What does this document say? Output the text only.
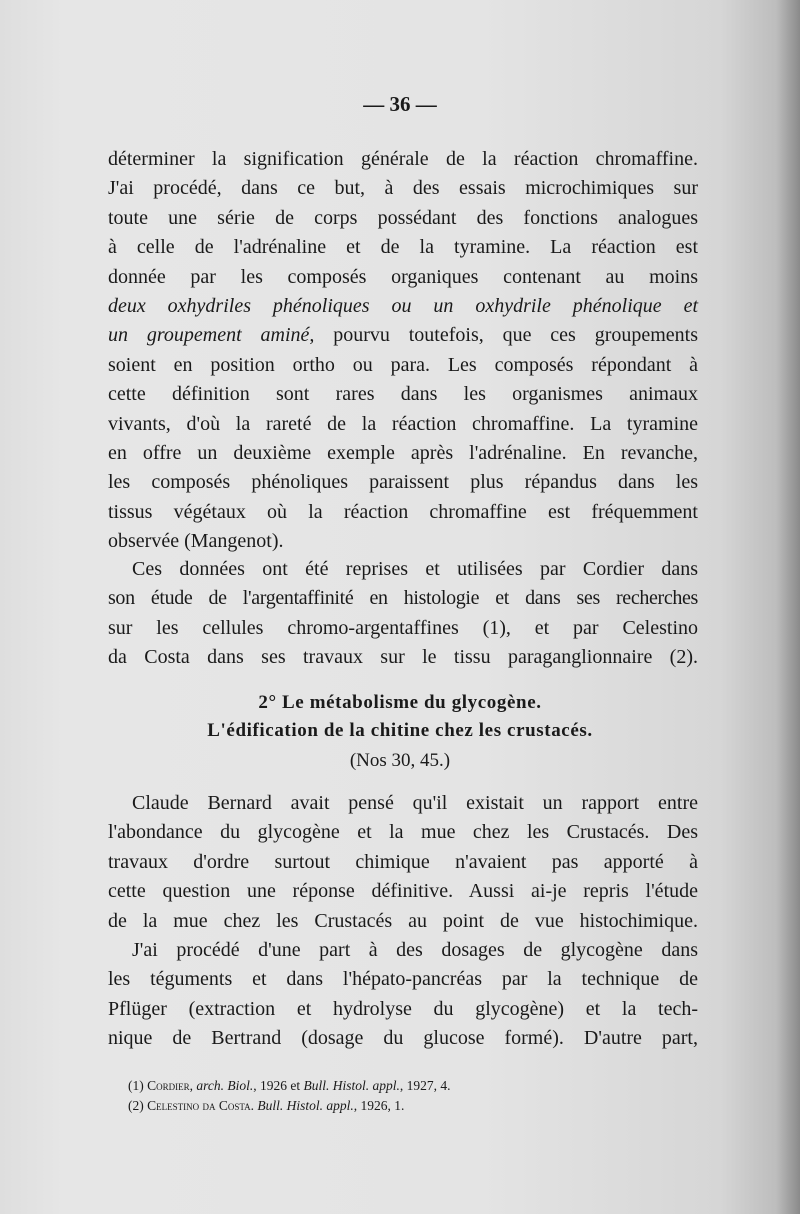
— 36 —
déterminer la signification générale de la réaction chromaffine.
J'ai procédé, dans ce but, à des essais microchimiques sur
toute une série de corps possédant des fonctions analogues
à celle de l'adrénaline et de la tyramine. La réaction est
donnée par les composés organiques contenant au moins
deux oxhydriles phénoliques ou un oxhydrile phénolique et
un groupement aminé, pourvu toutefois, que ces groupements
soient en position ortho ou para. Les composés répondant à
cette définition sont rares dans les organismes animaux
vivants, d'où la rareté de la réaction chromaffine. La tyramine
en offre un deuxième exemple après l'adrénaline. En revanche,
les composés phénoliques paraissent plus répandus dans les
tissus végétaux où la réaction chromaffine est fréquemment
observée (Mangenot).
Ces données ont été reprises et utilisées par Cordier dans
son étude de l'argentaffinité en histologie et dans ses recherches
sur les cellules chromo-argentaffines (1), et par Celestino
da Costa dans ses travaux sur le tissu paraganglionnaire (2).
2° Le métabolisme du glycogène.
L'édification de la chitine chez les crustacés.
(Nos 30, 45.)
Claude Bernard avait pensé qu'il existait un rapport entre
l'abondance du glycogène et la mue chez les Crustacés. Des
travaux d'ordre surtout chimique n'avaient pas apporté à
cette question une réponse définitive. Aussi ai-je repris l'étude
de la mue chez les Crustacés au point de vue histochimique.
J'ai procédé d'une part à des dosages de glycogène dans
les téguments et dans l'hépato-pancréas par la technique de
Pflüger (extraction et hydrolyse du glycogène) et la tech-
nique de Bertrand (dosage du glucose formé). D'autre part,
(1) Cordier, arch. Biol., 1926 et Bull. Histol. appl., 1927, 4.
(2) Celestino da Costa. Bull. Histol. appl., 1926, 1.
